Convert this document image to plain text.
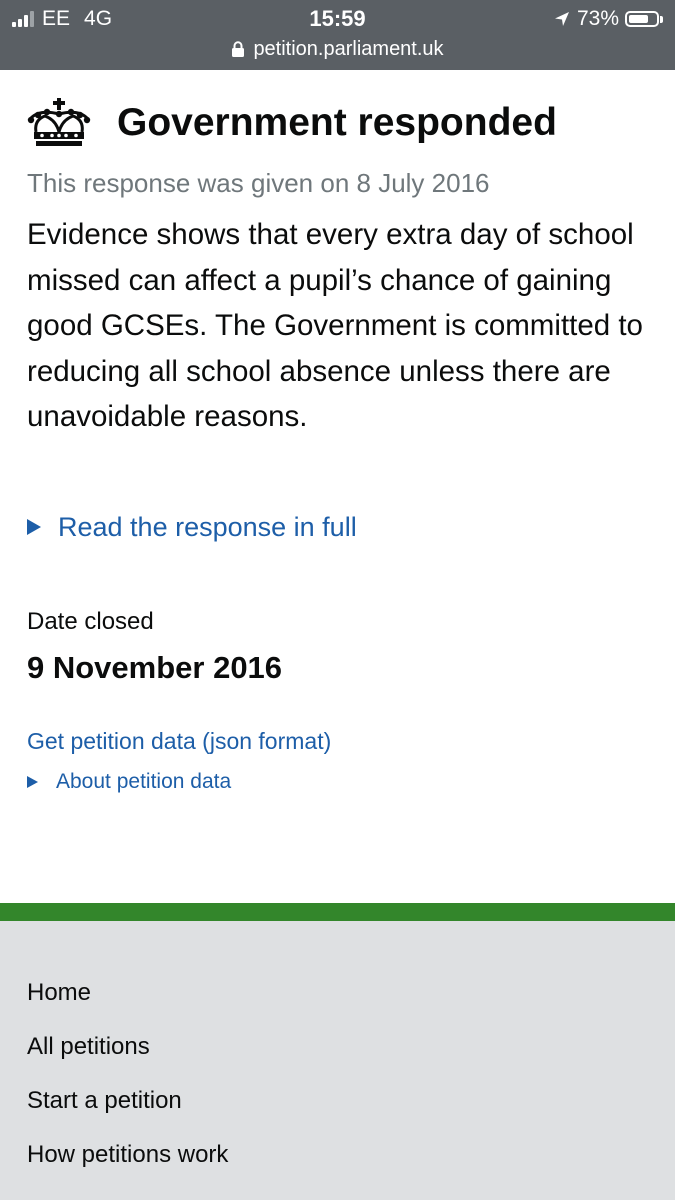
EE 4G	15:59	73%
petition.parliament.uk
Government responded
This response was given on 8 July 2016

Evidence shows that every extra day of school missed can affect a pupil’s chance of gaining good GCSEs. The Government is committed to reducing all school absence unless there are unavoidable reasons.

Read the response in full
Date closed
9 November 2016
Get petition data (json format)
About petition data
Home
All petitions
Start a petition
How petitions work
